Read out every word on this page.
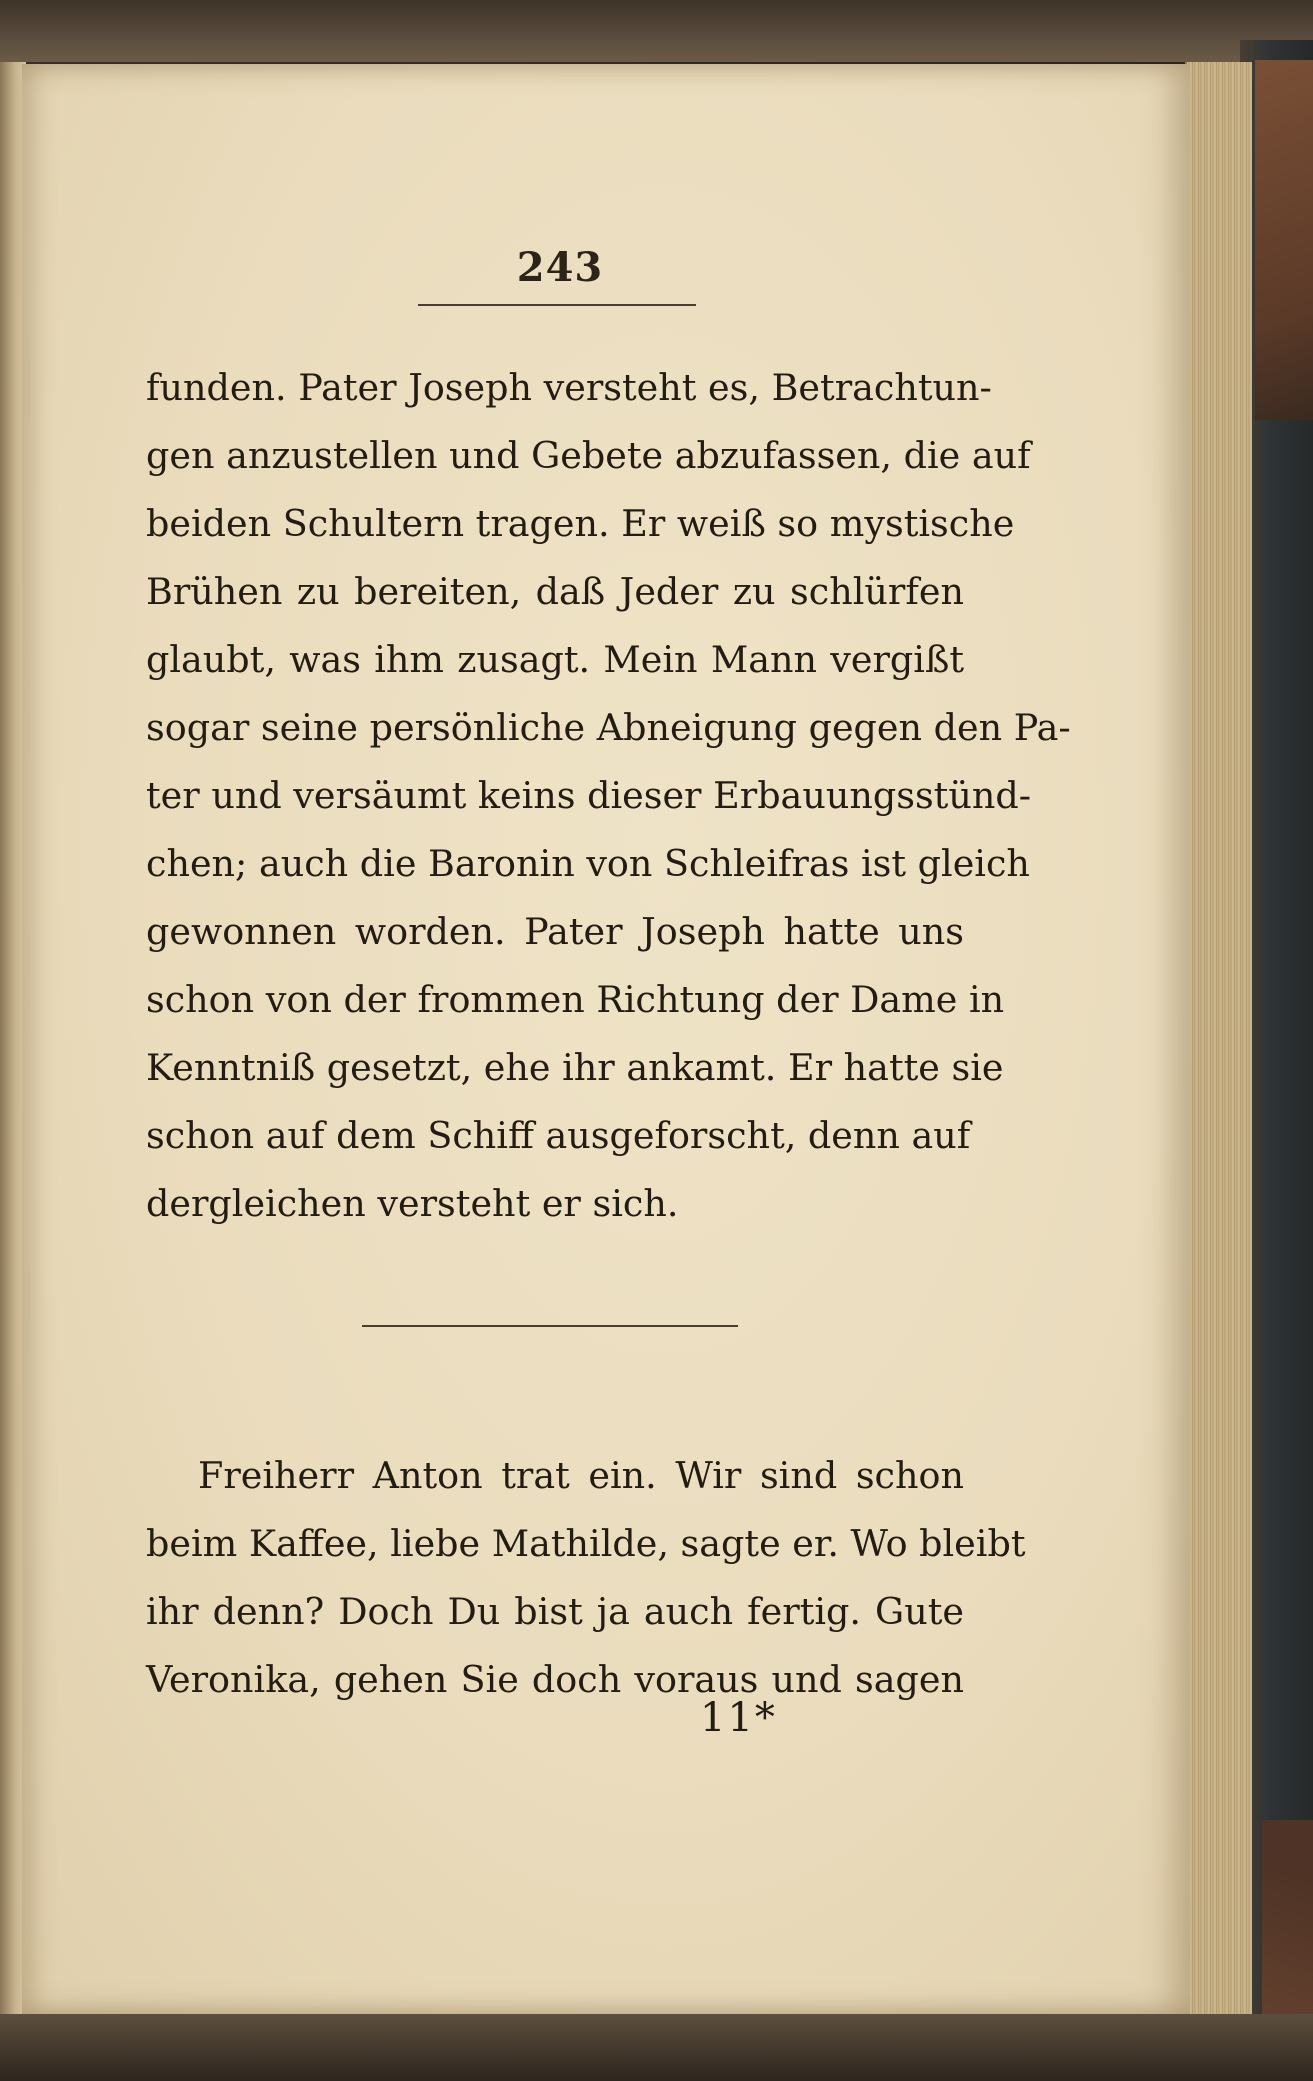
243
funden. Pater Joseph versteht es, Betrachtun-
gen anzustellen und Gebete abzufassen, die auf
beiden Schultern tragen. Er weiß so mystische
Brühen zu bereiten, daß Jeder zu schlürfen
glaubt, was ihm zusagt. Mein Mann vergißt
sogar seine persönliche Abneigung gegen den Pa-
ter und versäumt keins dieser Erbauungsstünd-
chen; auch die Baronin von Schleifras ist gleich
gewonnen worden. Pater Joseph hatte uns
schon von der frommen Richtung der Dame in
Kenntniß gesetzt, ehe ihr ankamt. Er hatte sie
schon auf dem Schiff ausgeforscht, denn auf
dergleichen versteht er sich.
Freiherr Anton trat ein. Wir sind schon
beim Kaffee, liebe Mathilde, sagte er. Wo bleibt
ihr denn? Doch Du bist ja auch fertig. Gute
Veronika, gehen Sie doch voraus und sagen
11*
